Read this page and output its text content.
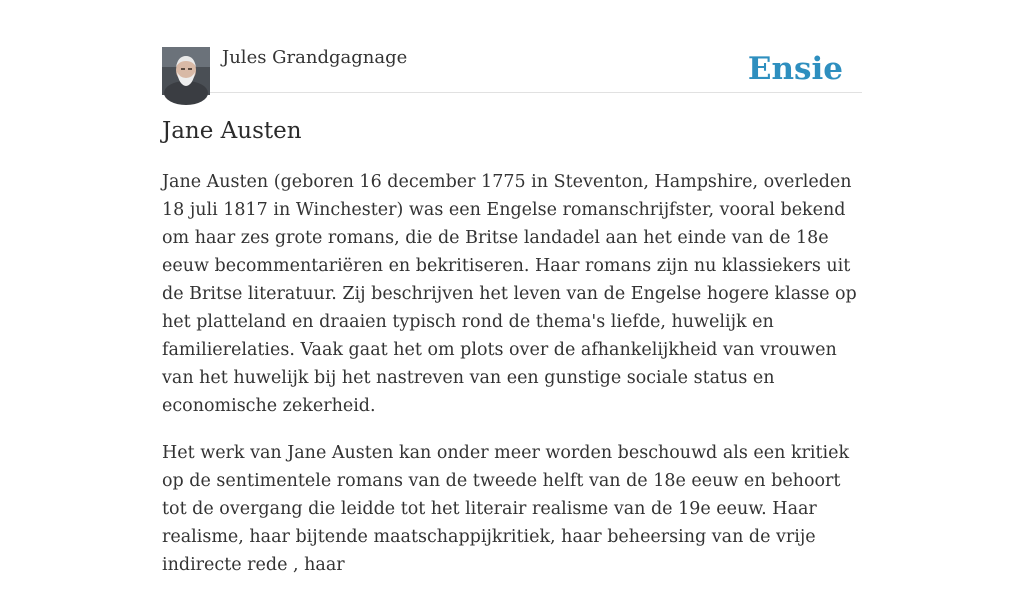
Jules Grandgagnage	Ensie
Jane Austen

Jane Austen (geboren 16 december 1775 in Steventon, Hampshire, overleden 18 juli 1817 in Winchester) was een Engelse romanschrijfster, vooral bekend om haar zes grote romans, die de Britse landadel aan het einde van de 18e eeuw becommentariëren en bekritiseren. Haar romans zijn nu klassiekers uit de Britse literatuur. Zij beschrijven het leven van de Engelse hogere klasse op het platteland en draaien typisch rond de thema's liefde, huwelijk en familierelaties. Vaak gaat het om plots over de afhankelijkheid van vrouwen van het huwelijk bij het nastreven van een gunstige sociale status en economische zekerheid.

Het werk van Jane Austen kan onder meer worden beschouwd als een kritiek op de sentimentele romans van de tweede helft van de 18e eeuw en behoort tot de overgang die leidde tot het literair realisme van de 19e eeuw. Haar realisme, haar bijtende maatschappijkritiek, haar beheersing van de vrije indirecte rede , haar
